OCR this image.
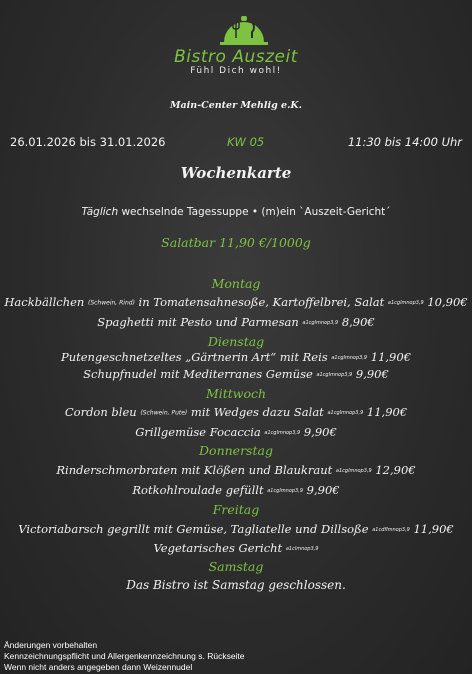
Bistro Auszeit
Fühl Dich wohl!
Main-Center Mehlig e.K.
26.01.2026 bis 31.01.2026	KW 05	11:30 bis 14:00 Uhr
Wochenkarte
Täglich wechselnde Tagessuppe • (m)ein `Auszeit-Gericht´
Salatbar 11,90 €/1000g
Montag
Hackbällchen (Schwein, Rind) in Tomatensahnesoße, Kartoffelbrei, Salat a1cglmnop3,9 10,90€
Spaghetti mit Pesto und Parmesan a1cglmnop3,9 8,90€
Dienstag
Putengeschnetzeltes „Gärtnerin Art“ mit Reis a1cglmnop3,9 11,90€
Schupfnudel mit Mediterranes Gemüse a1cglmnop3,9 9,90€
Mittwoch
Cordon bleu (Schwein, Pute) mit Wedges dazu Salat a1cglmnop3,9 11,90€
Grillgemüse Focaccia a1cglmnop3,9 9,90€
Donnerstag
Rinderschmorbraten mit Klößen und Blaukraut a1cglmnop3,9 12,90€
Rotkohlroulade gefüllt a1cglmnop3,9 9,90€
Freitag
Victoriabarsch gegrillt mit Gemüse, Tagliatelle und Dillsoße a1cdflmnop3,9 11,90€
Vegetarisches Gericht a1clmnop3,9
Samstag
Das Bistro ist Samstag geschlossen.
Änderungen vorbehalten
Kennzeichnungspflicht und Allergenkennzeichnung s. Rückseite
Wenn nicht anders angegeben dann Weizennudel
